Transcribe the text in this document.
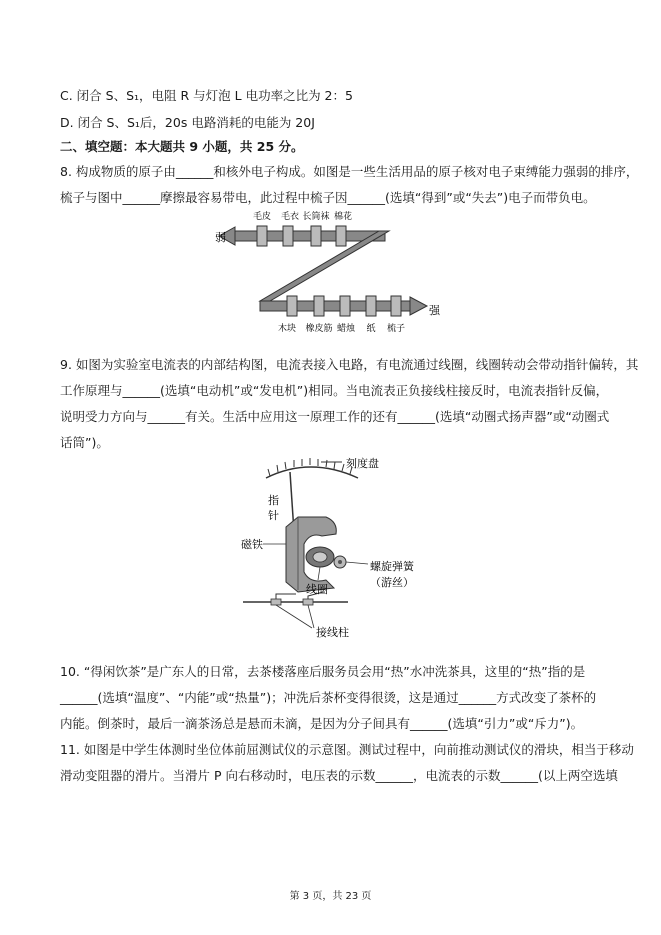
C. 闭合 S、S₁，电阻 R 与灯泡 L 电功率之比为 2：5
D. 闭合 S、S₁后，20s 电路消耗的电能为 20J
二、填空题：本大题共 9 小题，共 25 分。
8. 构成物质的原子由______和核外电子构成。如图是一些生活用品的原子核对电子束缚能力强弱的排序，
梳子与图中______摩擦最容易带电，此过程中梳子因______(选填“得到”或“失去”)电子而带负电。
弱
强
毛皮 毛衣 长筒袜 棉花
木块 橡皮筋 蜡烛 纸 梳子
9. 如图为实验室电流表的内部结构图，电流表接入电路，有电流通过线圈，线圈转动会带动指针偏转，其
工作原理与______(选填“电动机”或“发电机”)相同。当电流表正负接线柱接反时，电流表指针反偏，
说明受力方向与______有关。生活中应用这一原理工作的还有______(选填“动圈式扬声器”或“动圈式
话筒”)。
刻度盘
指
针
磁铁
螺旋弹簧
（游丝）
线圈
接线柱
10. “得闲饮茶”是广东人的日常，去茶楼落座后服务员会用“热”水冲洗茶具，这里的“热”指的是
______(选填“温度”、“内能”或“热量”)；冲洗后茶杯变得很烫，这是通过______方式改变了茶杯的
内能。倒茶时，最后一滴茶汤总是悬而未滴，是因为分子间具有______(选填“引力”或“斥力”)。
11. 如图是中学生体测时坐位体前屈测试仪的示意图。测试过程中，向前推动测试仪的滑块，相当于移动
滑动变阻器的滑片。当滑片 P 向右移动时，电压表的示数______，电流表的示数______(以上两空选填
第 3 页，共 23 页
